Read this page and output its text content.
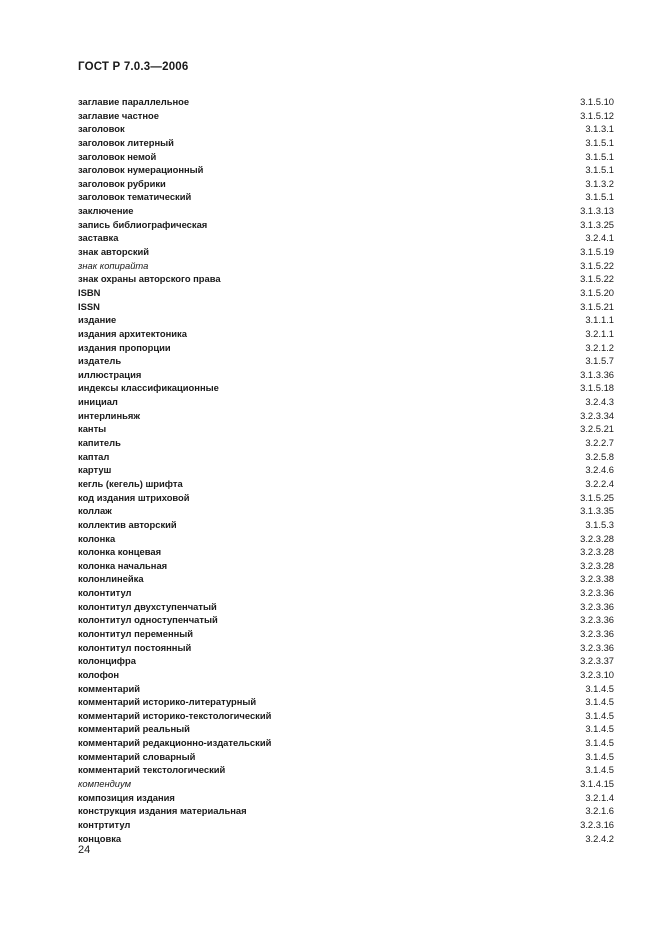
ГОСТ Р 7.0.3—2006
заглавие параллельное	3.1.5.10
заглавие частное	3.1.5.12
заголовок	3.1.3.1
заголовок литерный	3.1.5.1
заголовок немой	3.1.5.1
заголовок нумерационный	3.1.5.1
заголовок рубрики	3.1.3.2
заголовок тематический	3.1.5.1
заключение	3.1.3.13
запись библиографическая	3.1.3.25
заставка	3.2.4.1
знак авторский	3.1.5.19
знак копирайта	3.1.5.22
знак охраны авторского права	3.1.5.22
ISBN	3.1.5.20
ISSN	3.1.5.21
издание	3.1.1.1
издания архитектоника	3.2.1.1
издания пропорции	3.2.1.2
издатель	3.1.5.7
иллюстрация	3.1.3.36
индексы классификационные	3.1.5.18
инициал	3.2.4.3
интерлиньяж	3.2.3.34
канты	3.2.5.21
капитель	3.2.2.7
каптал	3.2.5.8
картуш	3.2.4.6
кегль (кегель) шрифта	3.2.2.4
код издания штриховой	3.1.5.25
коллаж	3.1.3.35
коллектив авторский	3.1.5.3
колонка	3.2.3.28
колонка концевая	3.2.3.28
колонка начальная	3.2.3.28
колонлинейка	3.2.3.38
колонтитул	3.2.3.36
колонтитул двухступенчатый	3.2.3.36
колонтитул одноступенчатый	3.2.3.36
колонтитул переменный	3.2.3.36
колонтитул постоянный	3.2.3.36
колонцифра	3.2.3.37
колофон	3.2.3.10
комментарий	3.1.4.5
комментарий историко-литературный	3.1.4.5
комментарий историко-текстологический	3.1.4.5
комментарий реальный	3.1.4.5
комментарий редакционно-издательский	3.1.4.5
комментарий словарный	3.1.4.5
комментарий текстологический	3.1.4.5
компендиум	3.1.4.15
композиция издания	3.2.1.4
конструкция издания материальная	3.2.1.6
контртитул	3.2.3.16
концовка	3.2.4.2
24
